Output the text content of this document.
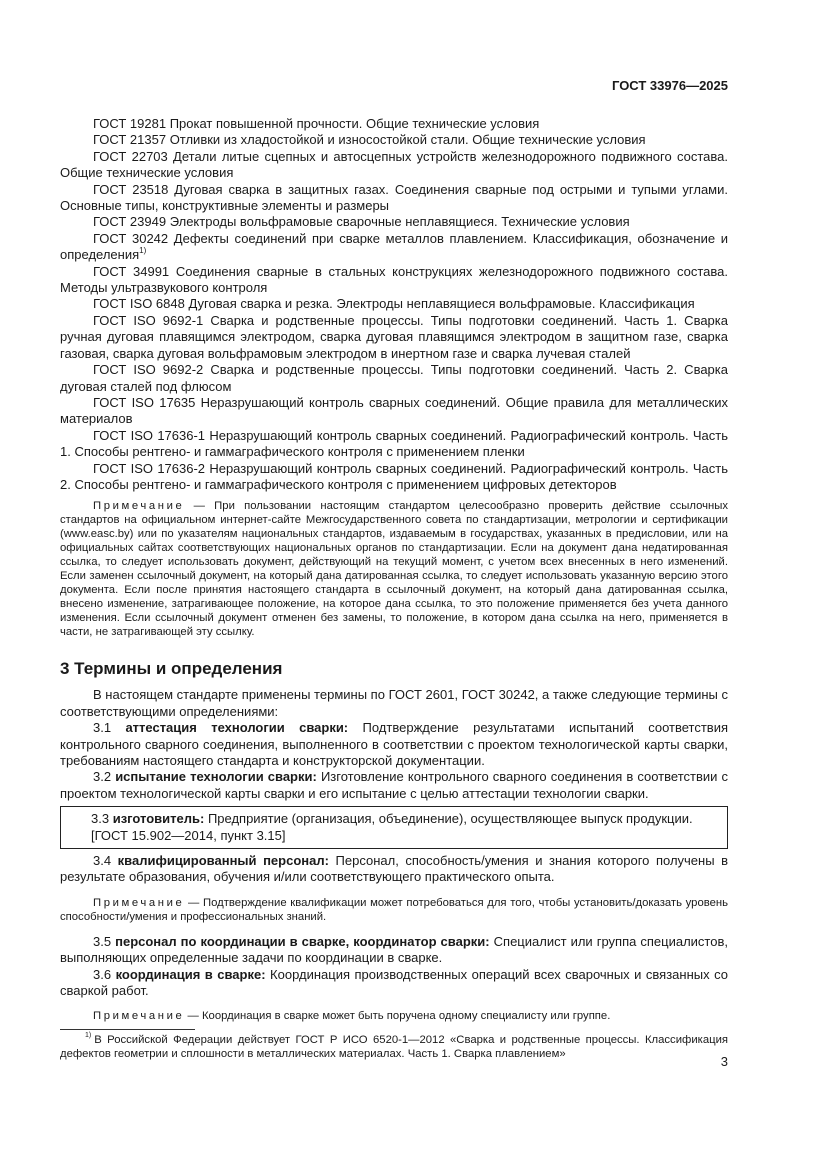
ГОСТ 33976—2025

ГОСТ 19281 Прокат повышенной прочности. Общие технические условия

ГОСТ 21357 Отливки из хладостойкой и износостойкой стали. Общие технические условия

ГОСТ 22703 Детали литые сцепных и автосцепных устройств железнодорожного подвижного состава. Общие технические условия

ГОСТ 23518 Дуговая сварка в защитных газах. Соединения сварные под острыми и тупыми углами. Основные типы, конструктивные элементы и размеры

ГОСТ 23949 Электроды вольфрамовые сварочные неплавящиеся. Технические условия

ГОСТ 30242 Дефекты соединений при сварке металлов плавлением. Классификация, обозначение и определения$^{1)}$

ГОСТ 34991 Соединения сварные в стальных конструкциях железнодорожного подвижного состава. Методы ультразвукового контроля

ГОСТ ISO 6848 Дуговая сварка и резка. Электроды неплавящиеся вольфрамовые. Классификация

ГОСТ ISO 9692-1 Сварка и родственные процессы. Типы подготовки соединений. Часть 1. Сварка ручная дуговая плавящимся электродом, сварка дуговая плавящимся электродом в защитном газе, сварка газовая, сварка дуговая вольфрамовым электродом в инертном газе и сварка лучевая сталей

ГОСТ ISO 9692-2 Сварка и родственные процессы. Типы подготовки соединений. Часть 2. Сварка дуговая сталей под флюсом

ГОСТ ISO 17635 Неразрушающий контроль сварных соединений. Общие правила для металлических материалов

ГОСТ ISO 17636-1 Неразрушающий контроль сварных соединений. Радиографический контроль. Часть 1. Способы рентгено- и гаммаграфического контроля с применением пленки

ГОСТ ISO 17636-2 Неразрушающий контроль сварных соединений. Радиографический контроль. Часть 2. Способы рентгено- и гаммаграфического контроля с применением цифровых детекторов

Примечание — При пользовании настоящим стандартом целесообразно проверить действие ссылочных стандартов на официальном интернет-сайте Межгосударственного совета по стандартизации, метрологии и сертификации (www.easc.by) или по указателям национальных стандартов, издаваемым в государствах, указанных в предисловии, или на официальных сайтах соответствующих национальных органов по стандартизации. Если на документ дана недатированная ссылка, то следует использовать документ, действующий на текущий момент, с учетом всех внесенных в него изменений. Если заменен ссылочный документ, на который дана датированная ссылка, то следует использовать указанную версию этого документа. Если после принятия настоящего стандарта в ссылочный документ, на который дана датированная ссылка, внесено изменение, затрагивающее положение, на которое дана ссылка, то это положение применяется без учета данного изменения. Если ссылочный документ отменен без замены, то положение, в котором дана ссылка на него, применяется в части, не затрагивающей эту ссылку.

3 Термины и определения

В настоящем стандарте применены термины по ГОСТ 2601, ГОСТ 30242, а также следующие термины с соответствующими определениями:

3.1 аттестация технологии сварки: Подтверждение результатами испытаний соответствия контрольного сварного соединения, выполненного в соответствии с проектом технологической карты сварки, требованиям настоящего стандарта и конструкторской документации.

3.2 испытание технологии сварки: Изготовление контрольного сварного соединения в соответствии с проектом технологической карты сварки и его испытание с целью аттестации технологии сварки.

3.3 изготовитель: Предприятие (организация, объединение), осуществляющее выпуск продукции.

[ГОСТ 15.902—2014, пункт 3.15]

3.4 квалифицированный персонал: Персонал, способность/умения и знания которого получены в результате образования, обучения и/или соответствующего практического опыта.

Примечание — Подтверждение квалификации может потребоваться для того, чтобы установить/доказать уровень способности/умения и профессиональных знаний.

3.5 персонал по координации в сварке, координатор сварки: Специалист или группа специалистов, выполняющих определенные задачи по координации в сварке.

3.6 координация в сварке: Координация производственных операций всех сварочных и связанных со сваркой работ.

Примечание — Координация в сварке может быть поручена одному специалисту или группе.

$^{1)}$ В Российской Федерации действует ГОСТ Р ИСО 6520-1—2012 «Сварка и родственные процессы. Классификация дефектов геометрии и сплошности в металлических материалах. Часть 1. Сварка плавлением»	3
